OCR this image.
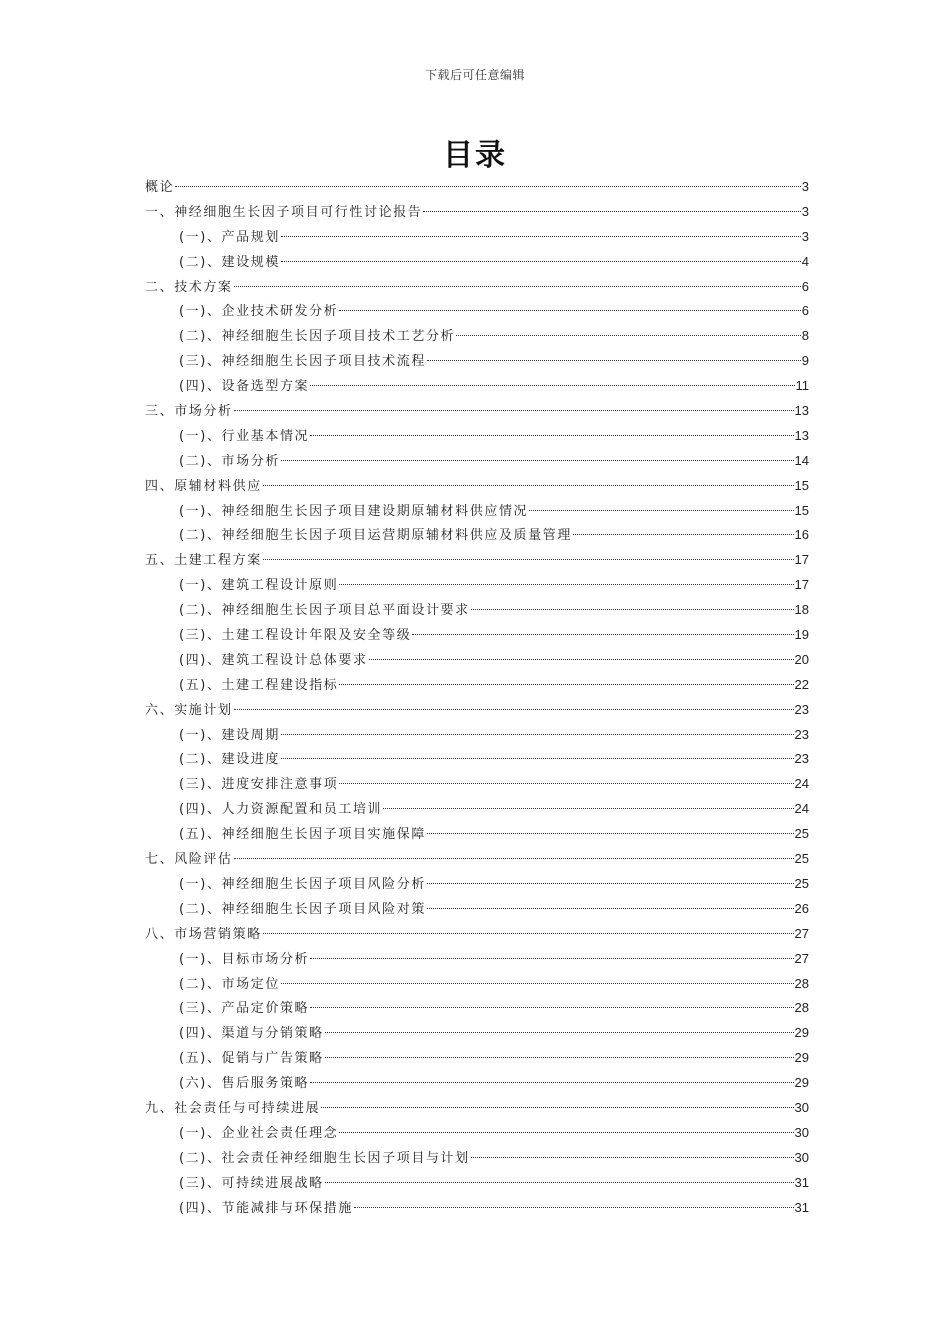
下载后可任意编辑
目录
概论	3
一、神经细胞生长因子项目可行性讨论报告	3
(一)、产品规划	3
(二)、建设规模	4
二、技术方案	6
(一)、企业技术研发分析	6
(二)、神经细胞生长因子项目技术工艺分析	8
(三)、神经细胞生长因子项目技术流程	9
(四)、设备选型方案	11
三、市场分析	13
(一)、行业基本情况	13
(二)、市场分析	14
四、原辅材料供应	15
(一)、神经细胞生长因子项目建设期原辅材料供应情况	15
(二)、神经细胞生长因子项目运营期原辅材料供应及质量管理	16
五、土建工程方案	17
(一)、建筑工程设计原则	17
(二)、神经细胞生长因子项目总平面设计要求	18
(三)、土建工程设计年限及安全等级	19
(四)、建筑工程设计总体要求	20
(五)、土建工程建设指标	22
六、实施计划	23
(一)、建设周期	23
(二)、建设进度	23
(三)、进度安排注意事项	24
(四)、人力资源配置和员工培训	24
(五)、神经细胞生长因子项目实施保障	25
七、风险评估	25
(一)、神经细胞生长因子项目风险分析	25
(二)、神经细胞生长因子项目风险对策	26
八、市场营销策略	27
(一)、目标市场分析	27
(二)、市场定位	28
(三)、产品定价策略	28
(四)、渠道与分销策略	29
(五)、促销与广告策略	29
(六)、售后服务策略	29
九、社会责任与可持续进展	30
(一)、企业社会责任理念	30
(二)、社会责任神经细胞生长因子项目与计划	30
(三)、可持续进展战略	31
(四)、节能减排与环保措施	31
